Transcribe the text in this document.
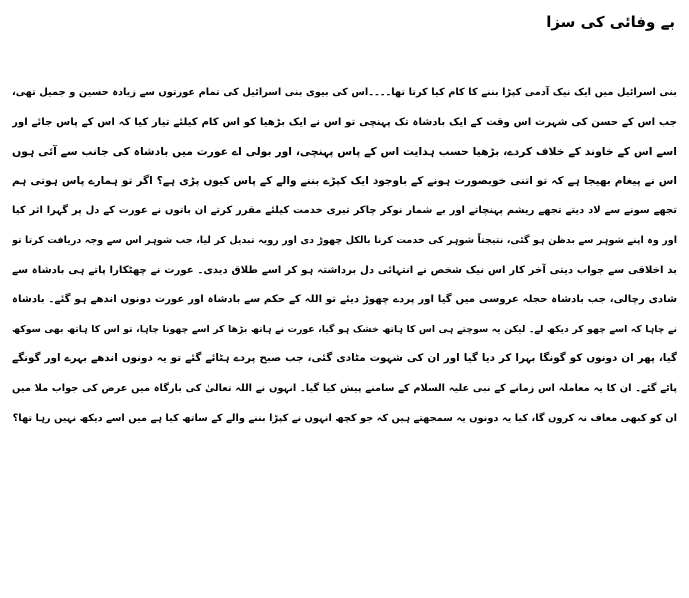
بے وفائی کی سزا

بنی اسرائیل میں ایک نیک آدمی کپڑا بننے کا کام کیا کرتا تھا۔۔۔۔اس کی بیوی بنی اسرائیل کی تمام عورتوں سے زیادہ حسین و جمیل تھی،

جب اس کے حسن کی شہرت اس وقت کے ایک بادشاہ تک پہنچی تو اس نے ایک بڑھیا کو اس کام کیلئے تیار کیا کہ اس کے پاس جائے اور

اسے اس کے خاوند کے خلاف کردے، بڑھیا حسب ہدایت اس کے پاس پہنچی، اور بولی اے عورت میں بادشاہ کی جانب سے آئی ہوں

اس نے پیغام بھیجا ہے کہ تو اتنی خوبصورت ہونے کے باوجود ایک کپڑے بننے والے کے پاس کیوں پڑی ہے؟ اگر تو ہمارے پاس ہوتی ہم

تجھے سونے سے لاد دیتے تجھے ریشم پہنچاتے اور بے شمار نوکر چاکر تیری خدمت کیلئے مقرر کرتے ان باتوں نے عورت کے دل پر گہرا اثر کیا

اور وہ اپنے شوہر سے بدظن ہو گئی، نتیجتاً شوہر کی خدمت کرنا بالکل چھوڑ دی اور رویہ تبدیل کر لیا، جب شوہر اس سے وجہ دریافت کرتا تو

بد اخلاقی سے جواب دیتی آخر کار اس نیک شخص نے انتہائی دل برداشتہ ہو کر اسے طلاق دیدی۔ عورت نے چھٹکارا پاتے ہی بادشاہ سے

شادی رچالی، جب بادشاہ حجلہ عروسی میں گیا اور پردے چھوڑ دیئے تو اللہ کے حکم سے بادشاہ اور عورت دونوں اندھے ہو گئے۔ بادشاہ

نے چاہا کہ اسے چھو کر دیکھ لے۔ لیکن یہ سوچتے ہی اس کا ہاتھ خشک ہو گیا، عورت نے ہاتھ بڑھا کر اسے چھونا چاہا، تو اس کا ہاتھ بھی سوکھ

گیا، پھر ان دونوں کو گونگا بہرا کر دیا گیا اور ان کی شہوت مٹادی گئی، جب صبح پردے ہٹائے گئے تو یہ دونوں اندھے بہرے اور گونگے

پائے گئے۔ ان کا یہ معاملہ اس زمانے کے نبی علیہ السلام کے سامنے پیش کیا گیا۔ انہوں نے اللہ تعالیٰ کی بارگاہ میں عرض کی جواب ملا میں

ان کو کبھی معاف نہ کروں گا، کیا یہ دونوں یہ سمجھتے ہیں کہ جو کچھ انہوں نے کپڑا بننے والے کے ساتھ کیا ہے میں اسے دیکھ نہیں رہا تھا؟
